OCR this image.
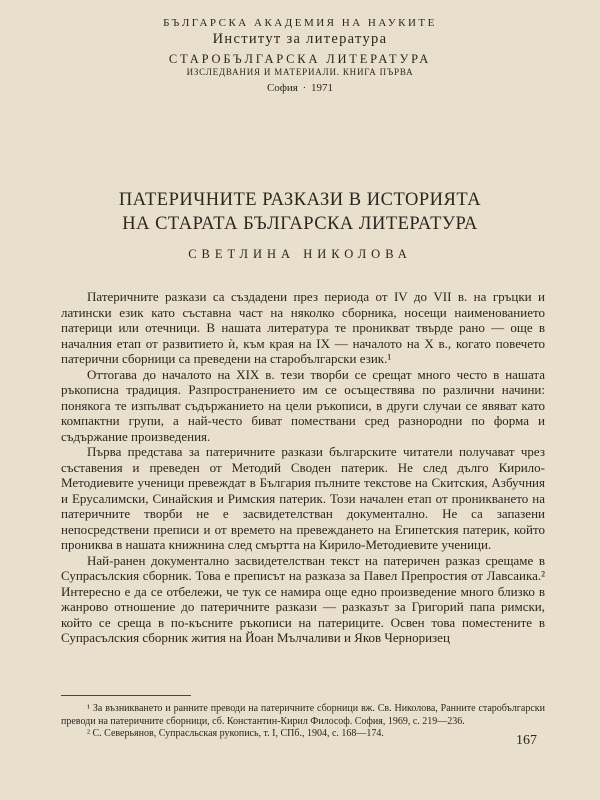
БЪЛГАРСКА АКАДЕМИЯ НА НАУКИТЕ
Институт за литература
СТАРОБЪЛГАРСКА ЛИТЕРАТУРА
ИЗСЛЕДВАНИЯ И МАТЕРИАЛИ. КНИГА ПЪРВА
София · 1971
ПАТЕРИЧНИТЕ РАЗКАЗИ В ИСТОРИЯТА
НА СТАРАТА БЪЛГАРСКА ЛИТЕРАТУРА
СВЕТЛИНА НИКОЛОВА

Патеричните разкази са създадени през периода от IV до VII в. на гръцки и латински език като съставна част на няколко сборника, носещи наименованието патерици или отечници. В нашата литература те проникват твърде рано — още в началния етап от развитието ѝ, към края на IX — началото на X в., когато повечето патерични сборници са преведени на старобългарски език.¹

Оттогава до началото на XIX в. тези творби се срещат много често в нашата ръкописна традиция. Разпространението им се осъществява по различни начини: понякога те изпълват съдържанието на цели ръкописи, в други случаи се явяват като компактни групи, а най-често биват помествани сред разнородни по форма и съдържание произведения.

Първа представа за патеричните разкази българските читатели получават чрез съставения и преведен от Методий Сводeн патерик. Не след дълго Кирило-Методиевите ученици превеждат в България пълните текстове на Скитския, Азбучния и Ерусалимски, Синайския и Римския патерик. Този начален етап от проникването на патеричните творби не е засвидетелстван документално. Не са запазени непосредствени преписи и от времето на превеждането на Египетския патерик, който прониква в нашата книжнина след смъртта на Кирило-Методиевите ученици.

Най-ранен документално засвидетелстван текст на патеричен разказ срещаме в Супрасълския сборник. Това е преписът на разказа за Павел Препростия от Лавсаика.² Интересно е да се отбележи, че тук се намира още едно произведение много близко в жанрово отношение до патеричните разкази — разказът за Григорий папа римски, който се среща в по-късните ръкописи на патериците. Освен това поместените в Супрасълския сборник жития на Йоан Мълчаливи и Яков Черноризец

¹ За възникването и ранните преводи на патеричните сборници вж. Св. Николова, Ранните старобългарски преводи на патеричните сборници, сб. Константин-Кирил Философ. София, 1969, с. 219—236.

² С. Северьянов, Супрасльская рукопись, т. I, СПб., 1904, с. 168—174.	167
